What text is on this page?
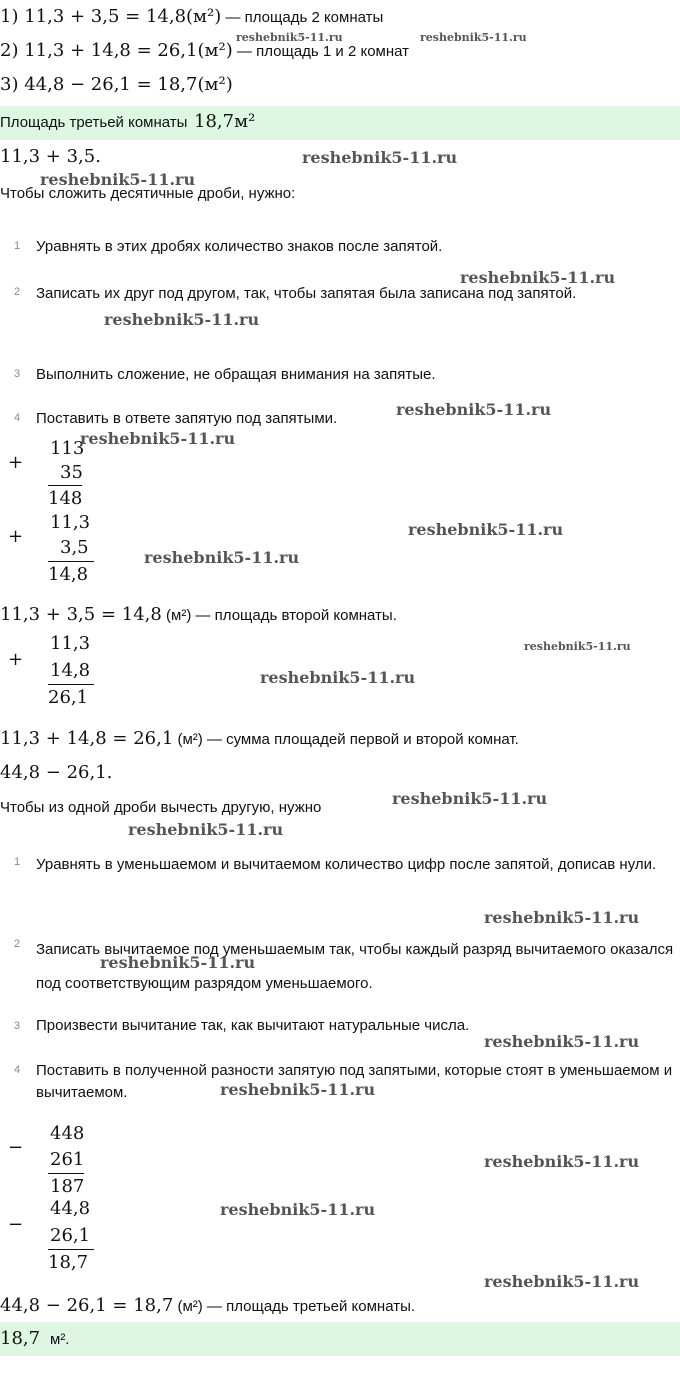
1) 11,3 + 3,5 = 14,8(м²) — площадь 2 комнаты
2) 11,3 + 14,8 = 26,1(м²) — площадь 1 и 2 комнат
3) 44,8 − 26,1 = 18,7(м²)
Площадь третьей комнаты 18,7м²
11,3 + 3,5.
Чтобы сложить десятичные дроби, нужно:
1 Уравнять в этих дробях количество знаков после запятой.
2 Записать их друг под другом, так, чтобы запятая была записана под запятой.
3 Выполнить сложение, не обращая внимания на запятые.
4 Поставить в ответе запятую под запятыми.
+
113
35
148
+
11,3
3,5
14,8
11,3 + 3,5 = 14,8 (м²) — площадь второй комнаты.
+
11,3
14,8
26,1
11,3 + 14,8 = 26,1 (м²) — сумма площадей первой и второй комнат.
44,8 − 26,1.
Чтобы из одной дроби вычесть другую, нужно
1 Уравнять в уменьшаемом и вычитаемом количество цифр после запятой, дописав нули.
2 Записать вычитаемое под уменьшаемым так, чтобы каждый разряд вычитаемого оказался под соответствующим разрядом уменьшаемого.
3 Произвести вычитание так, как вычитают натуральные числа.
4 Поставить в полученной разности запятую под запятыми, которые стоят в уменьшаемом и вычитаемом.
−
448
261
187
−
44,8
26,1
18,7
44,8 − 26,1 = 18,7 (м²) — площадь третьей комнаты.
18,7 м².
reshebnik5-11.ru	reshebnik5-11.ru
reshebnik5-11.ru
reshebnik5-11.ru
reshebnik5-11.ru
reshebnik5-11.ru
reshebnik5-11.ru
reshebnik5-11.ru
reshebnik5-11.ru
reshebnik5-11.ru
reshebnik5-11.ru
reshebnik5-11.ru
reshebnik5-11.ru
reshebnik5-11.ru
reshebnik5-11.ru
reshebnik5-11.ru
reshebnik5-11.ru
reshebnik5-11.ru
reshebnik5-11.ru
reshebnik5-11.ru
reshebnik5-11.ru
